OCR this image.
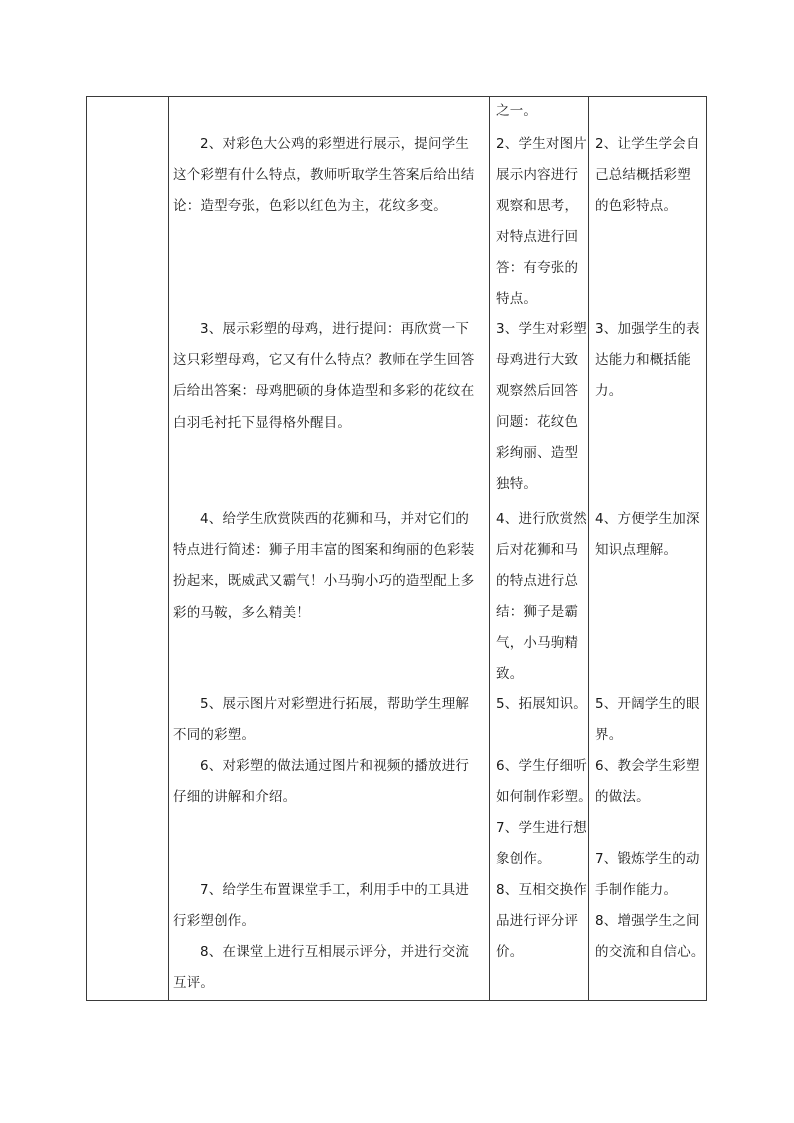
2、对彩色大公鸡的彩塑进行展示，提问学生
这个彩塑有什么特点，教师听取学生答案后给出结
论：造型夸张，色彩以红色为主，花纹多变。
3、展示彩塑的母鸡，进行提问：再欣赏一下
这只彩塑母鸡，它又有什么特点？教师在学生回答
后给出答案：母鸡肥硕的身体造型和多彩的花纹在
白羽毛衬托下显得格外醒目。
4、给学生欣赏陕西的花狮和马，并对它们的
特点进行简述：狮子用丰富的图案和绚丽的色彩装
扮起来，既威武又霸气！小马驹小巧的造型配上多
彩的马鞍，多么精美！
5、展示图片对彩塑进行拓展，帮助学生理解
不同的彩塑。
6、对彩塑的做法通过图片和视频的播放进行
仔细的讲解和介绍。
7、给学生布置课堂手工，利用手中的工具进
行彩塑创作。
8、在课堂上进行互相展示评分，并进行交流
互评。
之一。
2、学生对图片
展示内容进行
观察和思考，
对特点进行回
答：有夸张的
特点。
3、学生对彩塑
母鸡进行大致
观察然后回答
问题：花纹色
彩绚丽、造型
独特。
4、进行欣赏然
后对花狮和马
的特点进行总
结：狮子是霸
气，小马驹精
致。
5、拓展知识。
6、学生仔细听
如何制作彩塑。
7、学生进行想
象创作。
8、互相交换作
品进行评分评
价。
2、让学生学会自
己总结概括彩塑
的色彩特点。
3、加强学生的表
达能力和概括能
力。
4、方便学生加深
知识点理解。
5、开阔学生的眼
界。
6、教会学生彩塑
的做法。
7、锻炼学生的动
手制作能力。
8、增强学生之间
的交流和自信心。
